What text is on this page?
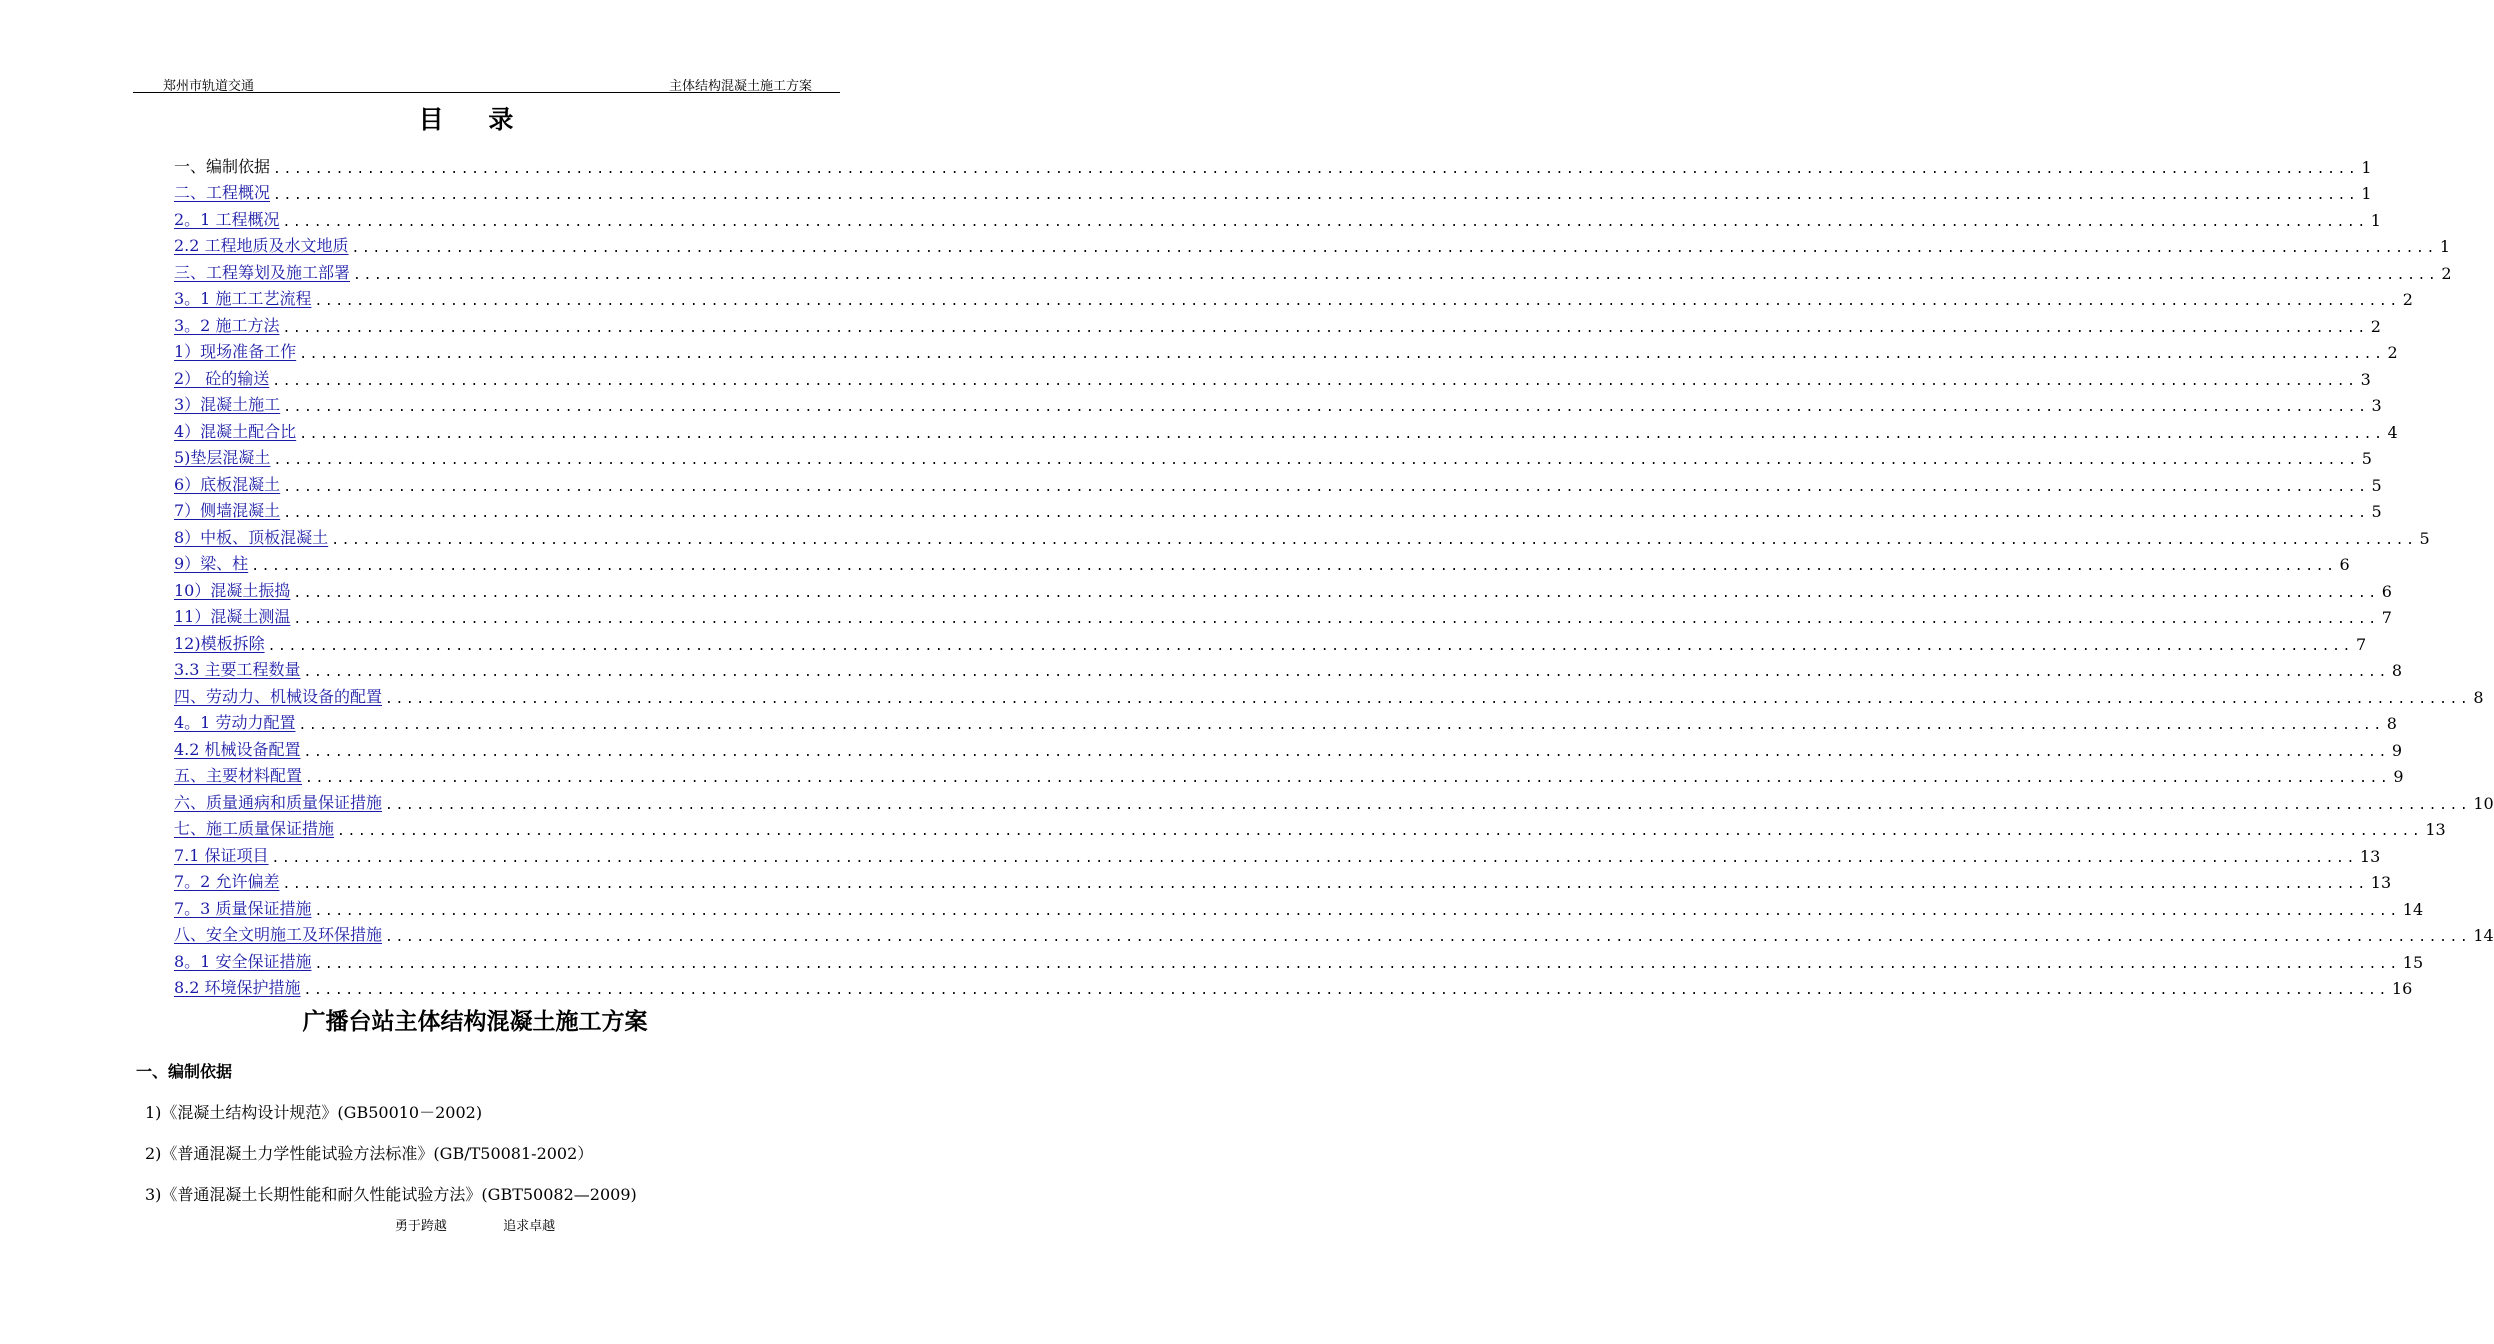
郑州市轨道交通	主体结构混凝土施工方案
目 录
一、编制依据 ........................................................................................................................................................................................................ 1
二、工程概况 ........................................................................................................................................................................................................ 1
2。1 工程概况 ........................................................................................................................................................................................................ 1
2.2 工程地质及水文地质 ........................................................................................................................................................................................................ 1
三、工程筹划及施工部署 ........................................................................................................................................................................................................ 2
3。1 施工工艺流程 ........................................................................................................................................................................................................ 2
3。2 施工方法 ........................................................................................................................................................................................................ 2
1）现场准备工作 ........................................................................................................................................................................................................ 2
2） 砼的输送 ........................................................................................................................................................................................................ 3
3）混凝土施工 ........................................................................................................................................................................................................ 3
4）混凝土配合比 ........................................................................................................................................................................................................ 4
5)垫层混凝土 ........................................................................................................................................................................................................ 5
6）底板混凝土 ........................................................................................................................................................................................................ 5
7）侧墙混凝土 ........................................................................................................................................................................................................ 5
8）中板、顶板混凝土 ........................................................................................................................................................................................................ 5
9）梁、柱 ........................................................................................................................................................................................................ 6
10）混凝土振捣 ........................................................................................................................................................................................................ 6
11）混凝土测温 ........................................................................................................................................................................................................ 7
12)模板拆除 ........................................................................................................................................................................................................ 7
3.3 主要工程数量 ........................................................................................................................................................................................................ 8
四、劳动力、机械设备的配置 ........................................................................................................................................................................................................ 8
4。1 劳动力配置 ........................................................................................................................................................................................................ 8
4.2 机械设备配置 ........................................................................................................................................................................................................ 9
五、主要材料配置 ........................................................................................................................................................................................................ 9
六、质量通病和质量保证措施 ........................................................................................................................................................................................................ 10
七、施工质量保证措施 ........................................................................................................................................................................................................ 13
7.1 保证项目 ........................................................................................................................................................................................................ 13
7。2 允许偏差 ........................................................................................................................................................................................................ 13
7。3 质量保证措施 ........................................................................................................................................................................................................ 14
八、安全文明施工及环保措施 ........................................................................................................................................................................................................ 14
8。1 安全保证措施 ........................................................................................................................................................................................................ 15
8.2 环境保护措施 ........................................................................................................................................................................................................ 16
广播台站主体结构混凝土施工方案
一、编制依据
1)《混凝土结构设计规范》(GB50010－2002)
2)《普通混凝土力学性能试验方法标准》(GB/T50081-2002）
3)《普通混凝土长期性能和耐久性能试验方法》(GBT50082—2009)
勇于跨越	追求卓越
